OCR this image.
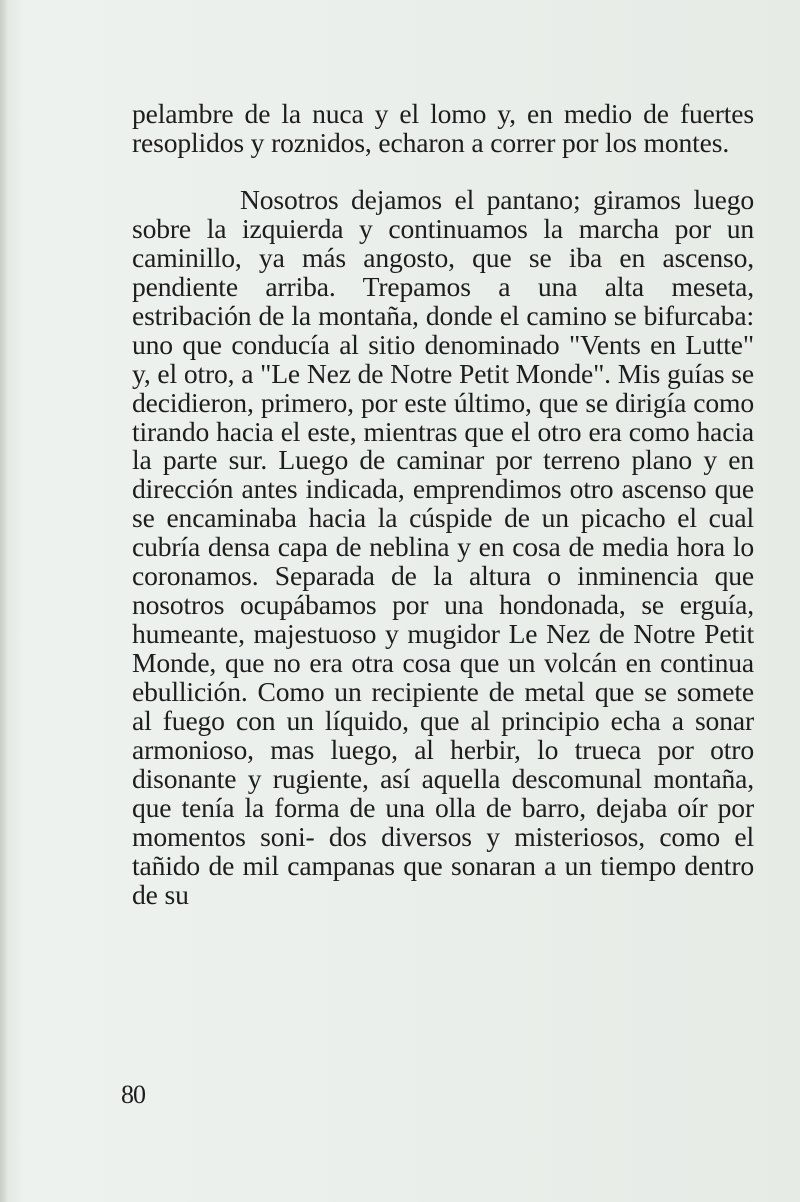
pelambre de la nuca y el lomo y, en medio de fuertes resoplidos y roznidos, echaron a correr por los montes.

Nosotros dejamos el pantano; giramos luego sobre la izquierda y continuamos la marcha por un caminillo, ya más angosto, que se iba en ascenso, pendiente arriba. Trepamos a una alta meseta, estribación de la montaña, donde el camino se bifurcaba: uno que conducía al sitio denominado "Vents en Lutte" y, el otro, a "Le Nez de Notre Petit Monde". Mis guías se decidieron, primero, por este último, que se dirigía como tirando hacia el este, mientras que el otro era como hacia la parte sur. Luego de caminar por terreno plano y en dirección antes indicada, emprendimos otro ascenso que se encaminaba hacia la cúspide de un picacho el cual cubría densa capa de neblina y en cosa de media hora lo coronamos. Separada de la altura o inminencia que nosotros ocupábamos por una hondonada, se erguía, humeante, majestuoso y mugidor Le Nez de Notre Petit Monde, que no era otra cosa que un volcán en continua ebullición. Como un recipiente de metal que se somete al fuego con un líquido, que al principio echa a sonar armonioso, mas luego, al herbir, lo trueca por otro disonante y rugiente, así aquella descomunal montaña, que tenía la forma de una olla de barro, dejaba oír por momentos soni- dos diversos y misteriosos, como el tañido de mil campanas que sonaran a un tiempo dentro de su

80
